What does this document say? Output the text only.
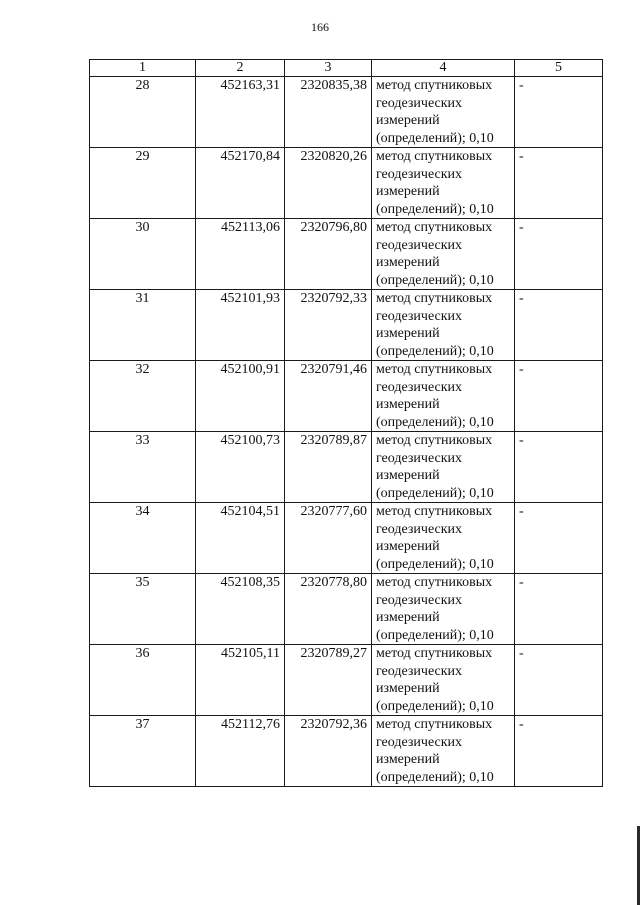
166
1	2	3	4	5
28	452163,31	2320835,38	метод спутниковых
геодезических
измерений
(определений); 0,10	-
29	452170,84	2320820,26	метод спутниковых
геодезических
измерений
(определений); 0,10	-
30	452113,06	2320796,80	метод спутниковых
геодезических
измерений
(определений); 0,10	-
31	452101,93	2320792,33	метод спутниковых
геодезических
измерений
(определений); 0,10	-
32	452100,91	2320791,46	метод спутниковых
геодезических
измерений
(определений); 0,10	-
33	452100,73	2320789,87	метод спутниковых
геодезических
измерений
(определений); 0,10	-
34	452104,51	2320777,60	метод спутниковых
геодезических
измерений
(определений); 0,10	-
35	452108,35	2320778,80	метод спутниковых
геодезических
измерений
(определений); 0,10	-
36	452105,11	2320789,27	метод спутниковых
геодезических
измерений
(определений); 0,10	-
37	452112,76	2320792,36	метод спутниковых
геодезических
измерений
(определений); 0,10	-
